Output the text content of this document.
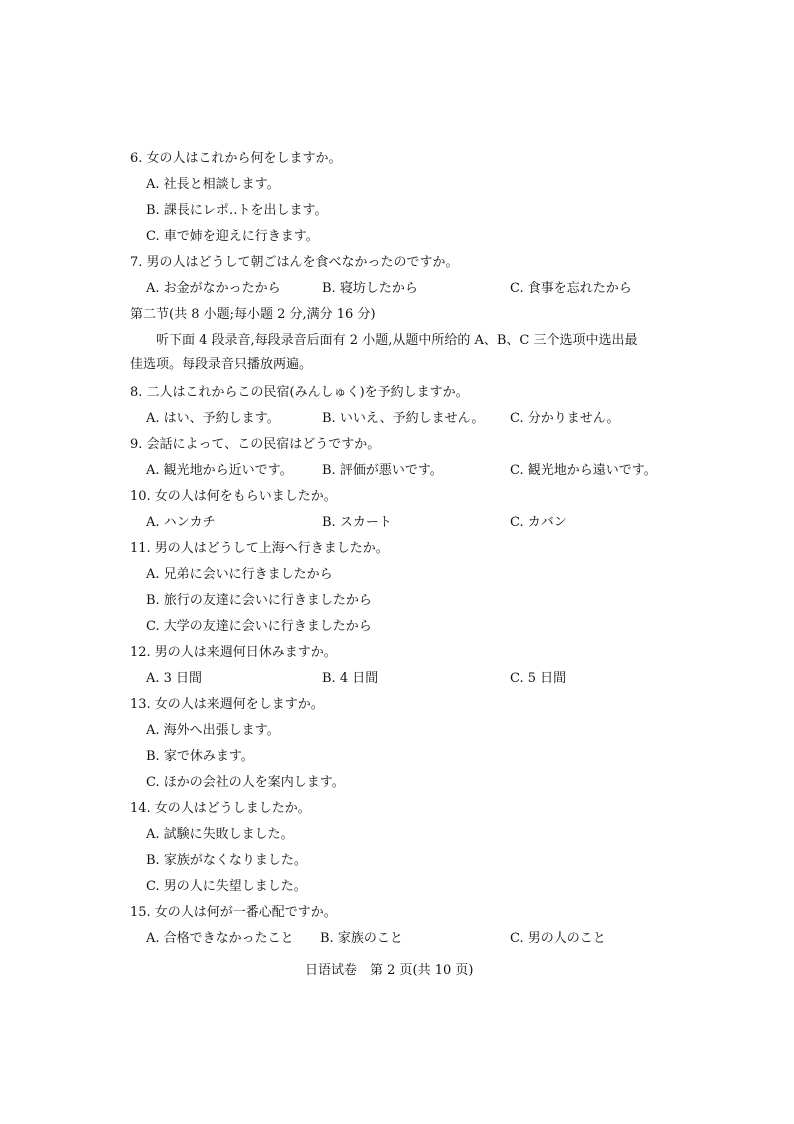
6. 女の人はこれから何をしますか。
A. 社長と相談します。
B. 課長にレポ‥トを出します。
C. 車で姉を迎えに行きます。
7. 男の人はどうして朝ごはんを食べなかったのですか。
A. お金がなかったから	B. 寝坊したから	C. 食事を忘れたから
第二节(共 8 小题;每小题 2 分,满分 16 分)
听下面 4 段录音,每段录音后面有 2 小题,从题中所给的 A、B、C 三个选项中选出最
佳选项。每段录音只播放两遍。
8. 二人はこれからこの民宿(みんしゅく)を予約しますか。
A. はい、予約します。	B. いいえ、予約しません。 C. 分かりません。
9. 会話によって、この民宿はどうですか。
A. 観光地から近いです。 B. 評価が悪いです。	C. 観光地から遠いです。
10. 女の人は何をもらいましたか。
A. ハンカチ	B. スカート	C. カバン
11. 男の人はどうして上海へ行きましたか。
A. 兄弟に会いに行きましたから
B. 旅行の友達に会いに行きましたから
C. 大学の友達に会いに行きましたから
12. 男の人は来週何日休みますか。
A. 3 日間	B. 4 日間	C. 5 日間
13. 女の人は来週何をしますか。
A. 海外へ出張します。
B. 家で休みます。
C. ほかの会社の人を案内します。
14. 女の人はどうしましたか。
A. 試験に失敗しました。
B. 家族がなくなりました。
C. 男の人に失望しました。
15. 女の人は何が一番心配ですか。
A. 合格できなかったこと B. 家族のこと	C. 男の人のこと
日语试卷　第 2 页(共 10 页)
